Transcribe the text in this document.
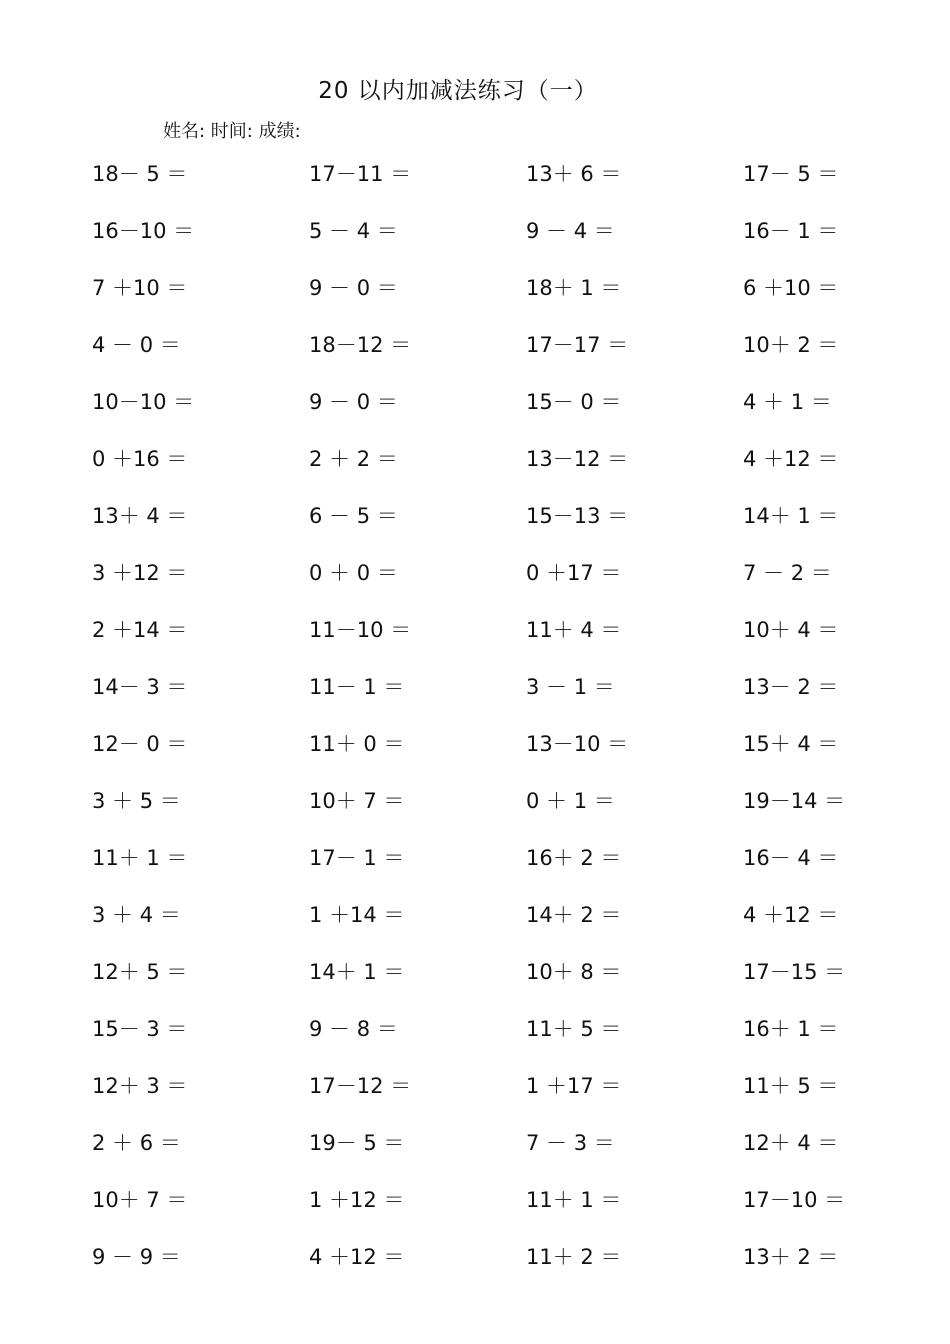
20 以内加减法练习（一）
姓名: 时间: 成绩:
18－ 5 ＝	17－11 ＝	13＋ 6 ＝	17－ 5 ＝
16－10 ＝	5 － 4 ＝	9 － 4 ＝	16－ 1 ＝
7 ＋10 ＝	9 － 0 ＝	18＋ 1 ＝	6 ＋10 ＝
4 － 0 ＝	18－12 ＝	17－17 ＝	10＋ 2 ＝
10－10 ＝	9 － 0 ＝	15－ 0 ＝	4 ＋ 1 ＝
0 ＋16 ＝	2 ＋ 2 ＝	13－12 ＝	4 ＋12 ＝
13＋ 4 ＝	6 － 5 ＝	15－13 ＝	14＋ 1 ＝
3 ＋12 ＝	0 ＋ 0 ＝	0 ＋17 ＝	7 － 2 ＝
2 ＋14 ＝	11－10 ＝	11＋ 4 ＝	10＋ 4 ＝
14－ 3 ＝	11－ 1 ＝	3 － 1 ＝	13－ 2 ＝
12－ 0 ＝	11＋ 0 ＝	13－10 ＝	15＋ 4 ＝
3 ＋ 5 ＝	10＋ 7 ＝	0 ＋ 1 ＝	19－14 ＝
11＋ 1 ＝	17－ 1 ＝	16＋ 2 ＝	16－ 4 ＝
3 ＋ 4 ＝	1 ＋14 ＝	14＋ 2 ＝	4 ＋12 ＝
12＋ 5 ＝	14＋ 1 ＝	10＋ 8 ＝	17－15 ＝
15－ 3 ＝	9 － 8 ＝	11＋ 5 ＝	16＋ 1 ＝
12＋ 3 ＝	17－12 ＝	1 ＋17 ＝	11＋ 5 ＝
2 ＋ 6 ＝	19－ 5 ＝	7 － 3 ＝	12＋ 4 ＝
10＋ 7 ＝	1 ＋12 ＝	11＋ 1 ＝	17－10 ＝
9 － 9 ＝	4 ＋12 ＝	11＋ 2 ＝	13＋ 2 ＝
